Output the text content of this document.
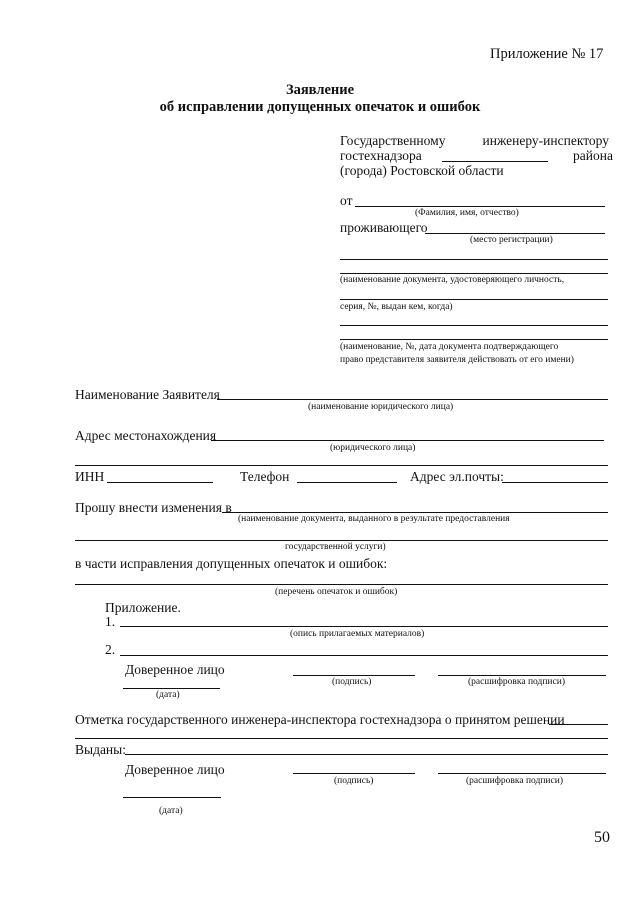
Приложение № 17
Заявление
об исправлении допущенных опечаток и ошибок
Государственному	инженеру-инспектору
гостехнадзора	района
(города) Ростовской области
от
(Фамилия, имя, отчество)
проживающего
(место регистрации)
(наименование документа, удостоверяющего личность,
серия, №, выдан кем, когда)
(наименование, №, дата документа подтверждающего
право представителя заявителя действовать от его имени)
Наименование Заявителя
(наименование юридического лица)
Адрес местонахождения
(юридического лица)
ИНН	Телефон	Адрес эл.почты:
Прошу внести изменения в
(наименование документа, выданного в результате предоставления
государственной услуги)
в части исправления допущенных опечаток и ошибок:
(перечень опечаток и ошибок)
Приложение.
1.
(опись прилагаемых материалов)
2.
Доверенное лицо
(подпись)	(расшифровка подписи)
(дата)
Отметка государственного инженера-инспектора гостехнадзора о принятом решении
Выданы:
Доверенное лицо
(подпись)	(расшифровка подписи)
(дата)
50
